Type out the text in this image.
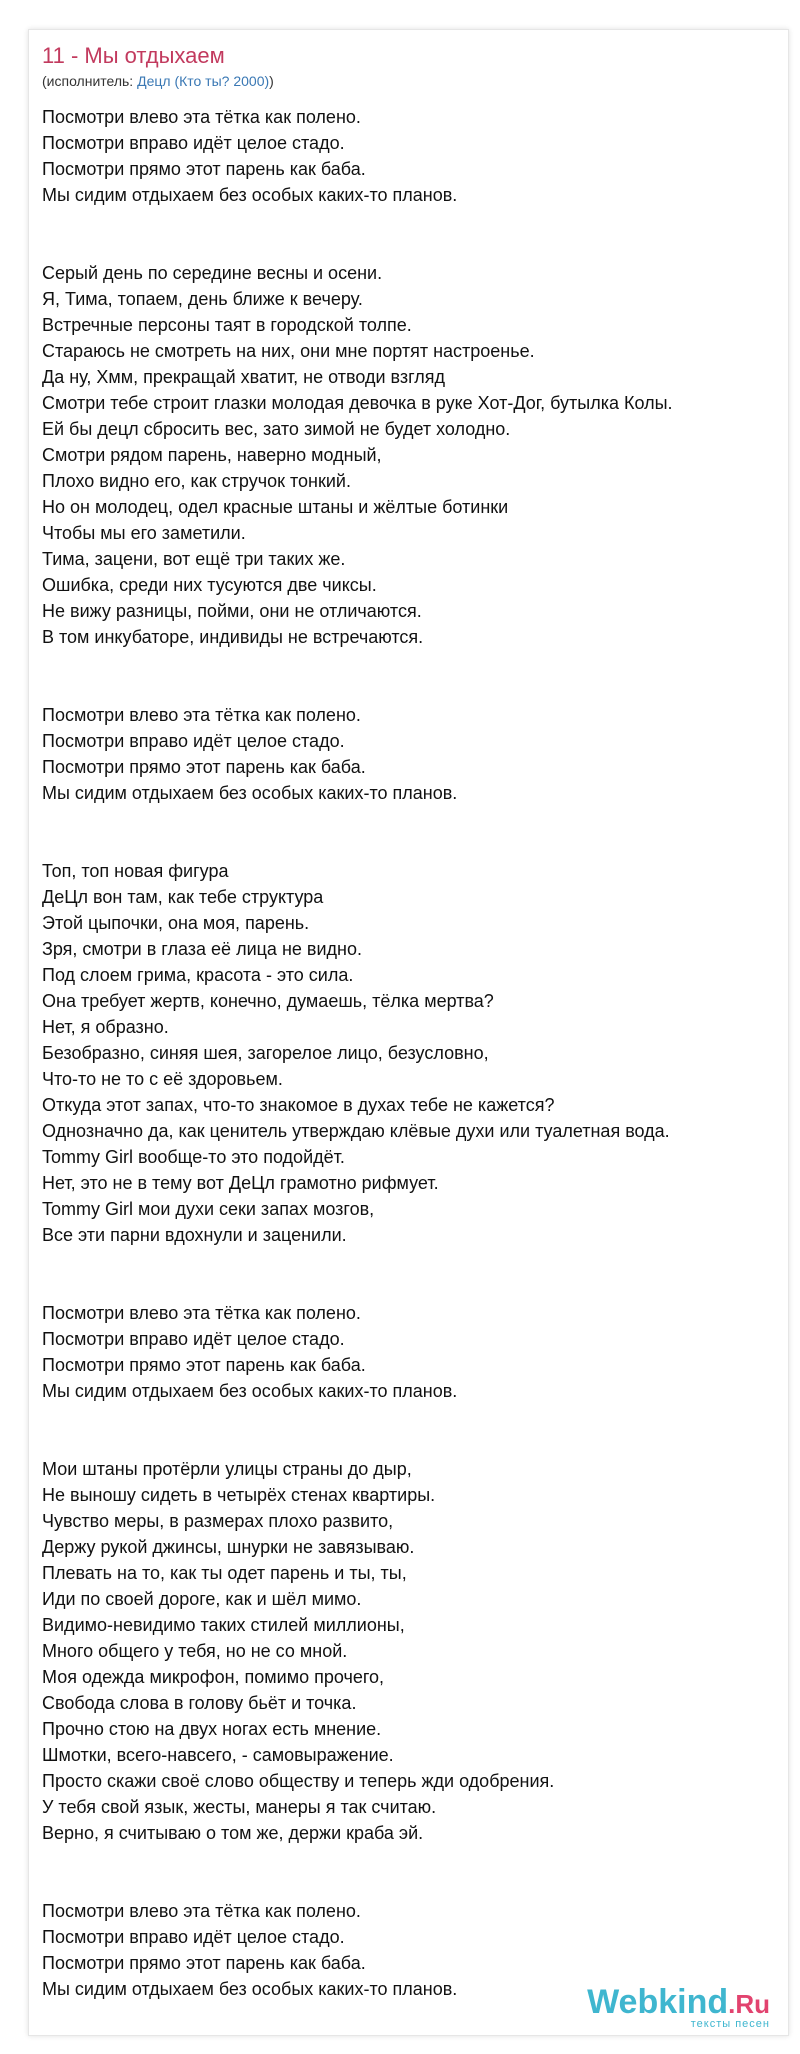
11 - Мы отдыхаем
(исполнитель: Децл (Кто ты? 2000))
Посмотри влево эта тётка как полено.
Посмотри вправо идёт целое стадо.
Посмотри прямо этот парень как баба.
Мы сидим отдыхаем без особых каких-то планов.
Серый день по середине весны и осени.
Я, Тима, топаем, день ближе к вечеру.
Встречные персоны таят в городской толпе.
Стараюсь не смотреть на них, они мне портят настроенье.
Да ну, Хмм, прекращай хватит, не отводи взгляд
Смотри тебе строит глазки молодая девочка в руке Хот-Дог, бутылка Колы.
Ей бы децл сбросить вес, зато зимой не будет холодно.
Смотри рядом парень, наверно модный,
Плохо видно его, как стручок тонкий.
Но он молодец, одел красные штаны и жёлтые ботинки
Чтобы мы его заметили.
Тима, зацени, вот ещё три таких же.
Ошибка, среди них тусуются две чиксы.
Не вижу разницы, пойми, они не отличаются.
В том инкубаторе, индивиды не встречаются.
Посмотри влево эта тётка как полено.
Посмотри вправо идёт целое стадо.
Посмотри прямо этот парень как баба.
Мы сидим отдыхаем без особых каких-то планов.
Топ, топ новая фигура
ДеЦл вон там, как тебе структура
Этой цыпочки, она моя, парень.
Зря, смотри в глаза её лица не видно.
Под слоем грима, красота - это сила.
Она требует жертв, конечно, думаешь, тёлка мертва?
Нет, я образно.
Безобразно, синяя шея, загорелое лицо, безусловно,
Что-то не то с её здоровьем.
Откуда этот запах, что-то знакомое в духах тебе не кажется?
Однозначно да, как ценитель утверждаю клёвые духи или туалетная вода.
Tommy Girl вообще-то это подойдёт.
Нет, это не в тему вот ДеЦл грамотно рифмует.
Tommy Girl мои духи секи запах мозгов,
Все эти парни вдохнули и заценили.
Посмотри влево эта тётка как полено.
Посмотри вправо идёт целое стадо.
Посмотри прямо этот парень как баба.
Мы сидим отдыхаем без особых каких-то планов.
Мои штаны протёрли улицы страны до дыр,
Не выношу сидеть в четырёх стенах квартиры.
Чувство меры, в размерах плохо развито,
Держу рукой джинсы, шнурки не завязываю.
Плевать на то, как ты одет парень и ты, ты,
Иди по своей дороге, как и шёл мимо.
Видимо-невидимо таких стилей миллионы,
Много общего у тебя, но не со мной.
Моя одежда микрофон, помимо прочего,
Свобода слова в голову бьёт и точка.
Прочно стою на двух ногах есть мнение.
Шмотки, всего-навсего, - самовыражение.
Просто скажи своё слово обществу и теперь жди одобрения.
У тебя свой язык, жесты, манеры я так считаю.
Верно, я считываю о том же, держи краба эй.
Посмотри влево эта тётка как полено.
Посмотри вправо идёт целое стадо.
Посмотри прямо этот парень как баба.
Мы сидим отдыхаем без особых каких-то планов.	Webkind.Ru
тексты песен
